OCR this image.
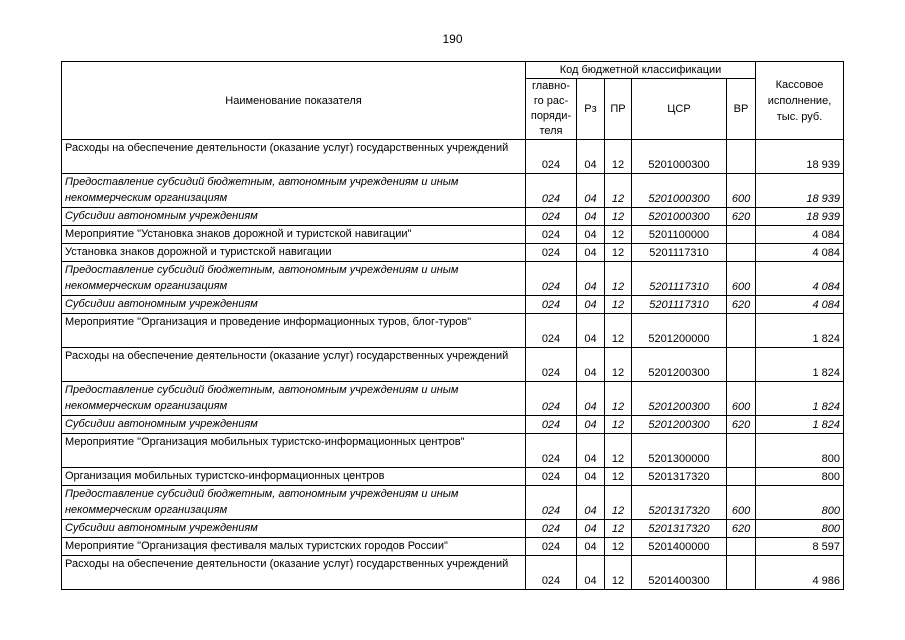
190
Наименование показателя	Код бюджетной классификации					Кассовое
исполнение,
тыс. руб.
	главно-
го рас-
поряди-
теля	Рз	ПР	ЦСР	ВР	
Расходы на обеспечение деятельности (оказание услуг) государственных учреждений	024	04	12	5201000300		18 939
Предоставление субсидий бюджетным, автономным учреждениям и иным некоммерческим организациям	024	04	12	5201000300	600	18 939
Субсидии автономным учреждениям	024	04	12	5201000300	620	18 939
Мероприятие "Установка знаков дорожной и туристской навигации"	024	04	12	5201100000		4 084
Установка знаков дорожной и туристской навигации	024	04	12	5201117310		4 084
Предоставление субсидий бюджетным, автономным учреждениям и иным некоммерческим организациям	024	04	12	5201117310	600	4 084
Субсидии автономным учреждениям	024	04	12	5201117310	620	4 084
Мероприятие "Организация и проведение информационных туров, блог-туров"	024	04	12	5201200000		1 824
Расходы на обеспечение деятельности (оказание услуг) государственных учреждений	024	04	12	5201200300		1 824
Предоставление субсидий бюджетным, автономным учреждениям и иным некоммерческим организациям	024	04	12	5201200300	600	1 824
Субсидии автономным учреждениям	024	04	12	5201200300	620	1 824
Мероприятие "Организация мобильных туристско-информационных центров"	024	04	12	5201300000		800
Организация мобильных туристско-информационных центров	024	04	12	5201317320		800
Предоставление субсидий бюджетным, автономным учреждениям и иным некоммерческим организациям	024	04	12	5201317320	600	800
Субсидии автономным учреждениям	024	04	12	5201317320	620	800
Мероприятие "Организация фестиваля малых туристских городов России"	024	04	12	5201400000		8 597
Расходы на обеспечение деятельности (оказание услуг) государственных учреждений	024	04	12	5201400300		4 986
